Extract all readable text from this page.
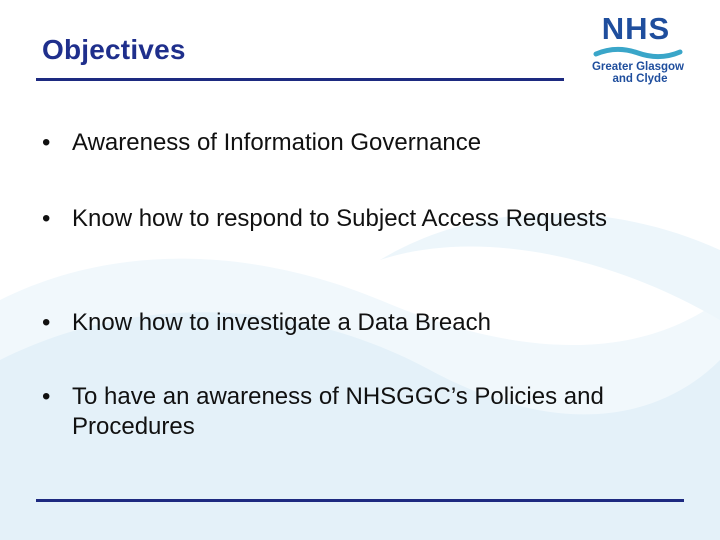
Objectives
NHS
Greater Glasgow
and Clyde
• Awareness of Information Governance
• Know how to respond to Subject Access Requests
• Know how to investigate a Data Breach
• To have an awareness of NHSGGC’s Policies and Procedures
